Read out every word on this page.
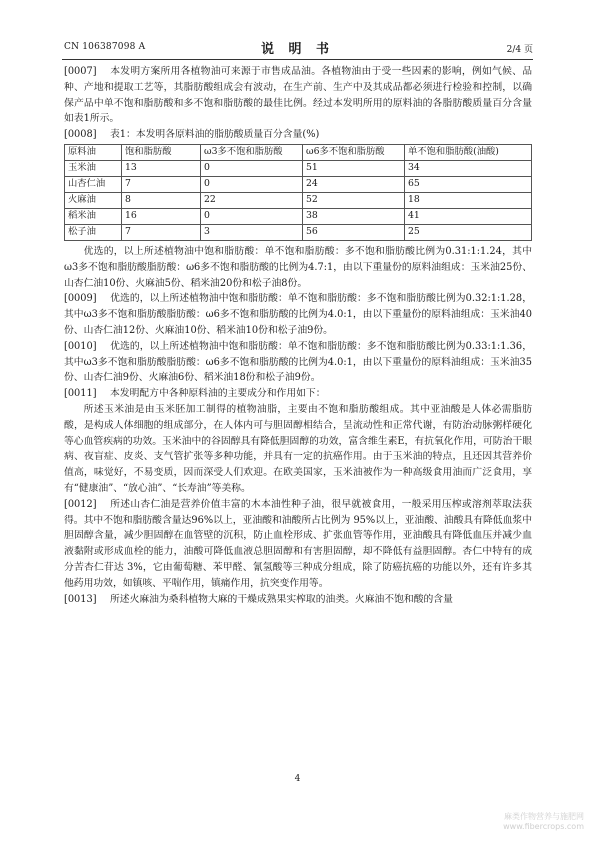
CN 106387098 A	说 明 书	2/4 页

[0007] 本发明方案所用各植物油可来源于市售成品油。各植物油由于受一些因素的影响，例如气候、品种、产地和提取工艺等，其脂肪酸组成会有波动，在生产前、生产中及其成品都必须进行检验和控制，以确保产品中单不饱和脂肪酸和多不饱和脂肪酸的最佳比例。经过本发明所用的原料油的各脂肪酸质量百分含量如表1所示。

[0008]	表1：本发明各原料油的脂肪酸质量百分含量(%)
原料油	饱和脂肪酸	ω3多不饱和脂肪酸	ω6多不饱和脂肪酸	单不饱和脂肪酸(油酸)
玉米油	13	0	51	34
山杏仁油	7	0	24	65
火麻油	8	22	52	18
稻米油	16	0	38	41
松子油	7	3	56	25

优选的，以上所述植物油中饱和脂肪酸：单不饱和脂肪酸：多不饱和脂肪酸比例为0.31:1:1.24，其中ω3多不饱和脂肪酸脂肪酸：ω6多不饱和脂肪酸的比例为4.7:1，由以下重量份的原料油组成：玉米油25份、山杏仁油10份、火麻油5份、稻米油20份和松子油8份。

[0009] 优选的，以上所述植物油中饱和脂肪酸：单不饱和脂肪酸：多不饱和脂肪酸比例为0.32:1:1.28，其中ω3多不饱和脂肪酸脂肪酸：ω6多不饱和脂肪酸的比例为4.0:1，由以下重量份的原料油组成：玉米油40份、山杏仁油12份、火麻油10份、稻米油10份和松子油9份。

[0010] 优选的，以上所述植物油中饱和脂肪酸：单不饱和脂肪酸：多不饱和脂肪酸比例为0.33:1:1.36，其中ω3多不饱和脂肪酸脂肪酸：ω6多不饱和脂肪酸的比例为4.0:1，由以下重量份的原料油组成：玉米油35份、山杏仁油9份、火麻油6份、稻米油18份和松子油9份。

[0011] 本发明配方中各种原料油的主要成分和作用如下：

所述玉米油是由玉米胚加工制得的植物油脂，主要由不饱和脂肪酸组成。其中亚油酸是人体必需脂肪酸，是构成人体细胞的组成部分，在人体内可与胆固醇相结合，呈流动性和正常代谢，有防治动脉粥样硬化等心血管疾病的功效。玉米油中的谷固醇具有降低胆固醇的功效，富含维生素E，有抗氧化作用，可防治干眼病、夜盲症、皮炎、支气管扩张等多种功能，并具有一定的抗癌作用。由于玉米油的特点，且还因其营养价值高，味觉好，不易变质，因而深受人们欢迎。在欧美国家，玉米油被作为一种高级食用油而广泛食用，享有“健康油”、“放心油”、“长寿油”等美称。

[0012] 所述山杏仁油是营养价值丰富的木本油性种子油，很早就被食用，一般采用压榨或溶剂萃取法获得。其中不饱和脂肪酸含量达96%以上，亚油酸和油酸所占比例为 95%以上，亚油酸、油酸具有降低血浆中胆固醇含量，减少胆固醇在血管壁的沉积，防止血栓形成、扩张血管等作用，亚油酸具有降低血压并减少血液黏附或形成血栓的能力，油酸可降低血液总胆固醇和有害胆固醇，却不降低有益胆固醇。杏仁中特有的成分苦杏仁苷达 3%，它由葡萄糖、苯甲醛、氰氢酸等三种成分组成，除了防癌抗癌的功能以外，还有许多其他药用功效，如镇咳、平喘作用，镇痛作用，抗突变作用等。

[0013] 所述火麻油为桑科植物大麻的干燥成熟果实榨取的油类。火麻油不饱和酸的含量

4
麻类作物营养与施肥网
www.fibercrops.com
